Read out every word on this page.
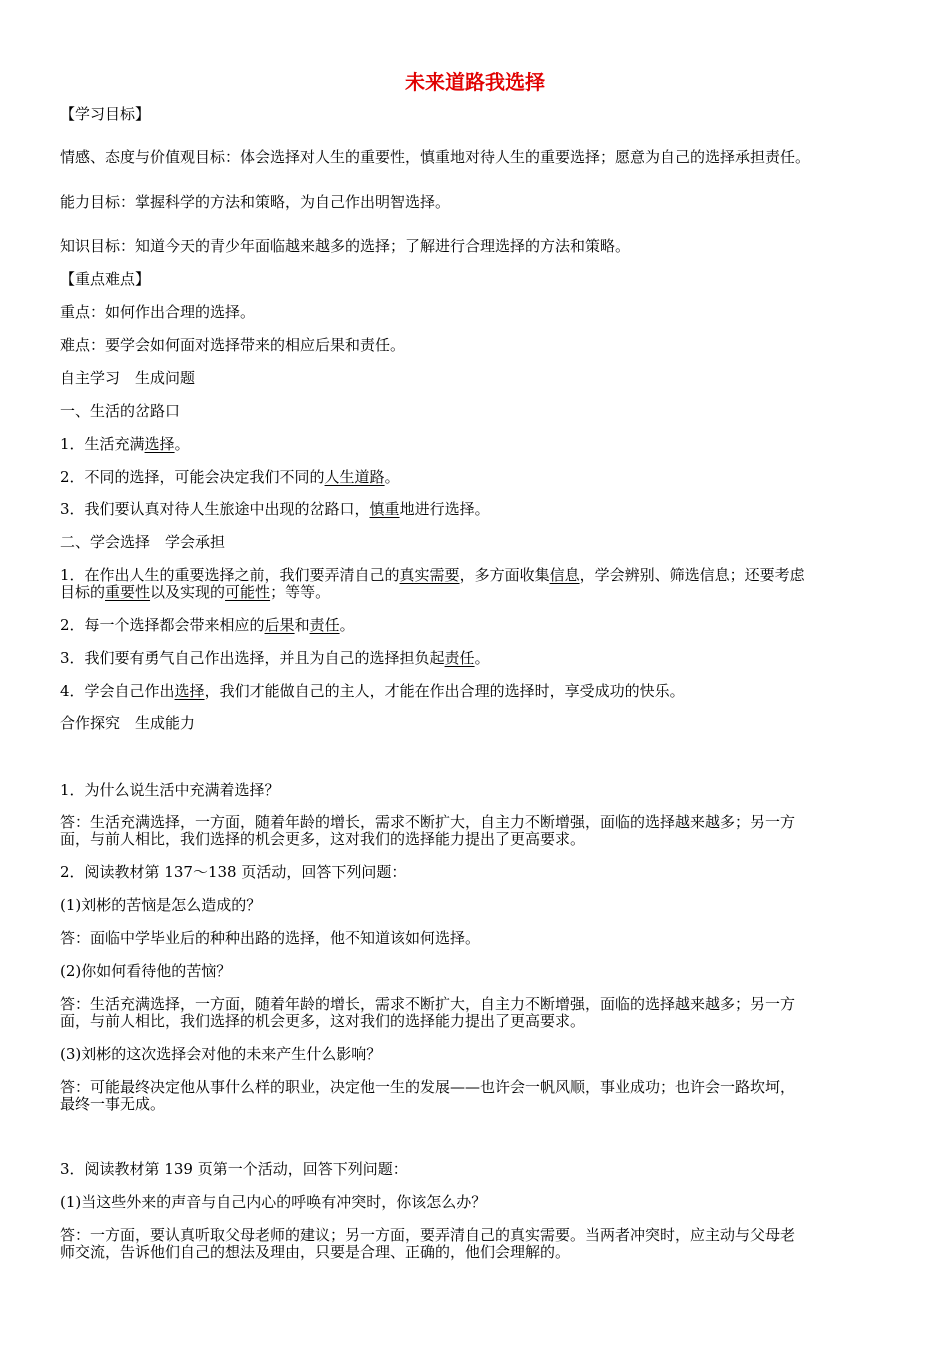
未来道路我选择
【学习目标】
情感、态度与价值观目标：体会选择对人生的重要性，慎重地对待人生的重要选择；愿意为自己的选择承担责任。
能力目标：掌握科学的方法和策略，为自己作出明智选择。
知识目标：知道今天的青少年面临越来越多的选择；了解进行合理选择的方法和策略。
【重点难点】
重点：如何作出合理的选择。
难点：要学会如何面对选择带来的相应后果和责任。
自主学习　生成问题
一、生活的岔路口
1．生活充满选择。
2．不同的选择，可能会决定我们不同的人生道路。
3．我们要认真对待人生旅途中出现的岔路口，慎重地进行选择。
二、学会选择　学会承担
1．在作出人生的重要选择之前，我们要弄清自己的真实需要，多方面收集信息，学会辨别、筛选信息；还要考虑
目标的重要性以及实现的可能性；等等。
2．每一个选择都会带来相应的后果和责任。
3．我们要有勇气自己作出选择，并且为自己的选择担负起责任。
4．学会自己作出选择，我们才能做自己的主人，才能在作出合理的选择时，享受成功的快乐。
合作探究　生成能力
1．为什么说生活中充满着选择？
答：生活充满选择，一方面，随着年龄的增长，需求不断扩大，自主力不断增强，面临的选择越来越多；另一方
面，与前人相比，我们选择的机会更多，这对我们的选择能力提出了更高要求。
2．阅读教材第 137～138 页活动，回答下列问题：
(1)刘彬的苦恼是怎么造成的？
答：面临中学毕业后的种种出路的选择，他不知道该如何选择。
(2)你如何看待他的苦恼？
答：生活充满选择，一方面，随着年龄的增长，需求不断扩大，自主力不断增强，面临的选择越来越多；另一方
面，与前人相比，我们选择的机会更多，这对我们的选择能力提出了更高要求。
(3)刘彬的这次选择会对他的未来产生什么影响？
答：可能最终决定他从事什么样的职业，决定他一生的发展——也许会一帆风顺，事业成功；也许会一路坎坷，
最终一事无成。
3．阅读教材第 139 页第一个活动，回答下列问题：
(1)当这些外来的声音与自己内心的呼唤有冲突时，你该怎么办？
答：一方面，要认真听取父母老师的建议；另一方面，要弄清自己的真实需要。当两者冲突时，应主动与父母老
师交流，告诉他们自己的想法及理由，只要是合理、正确的，他们会理解的。
